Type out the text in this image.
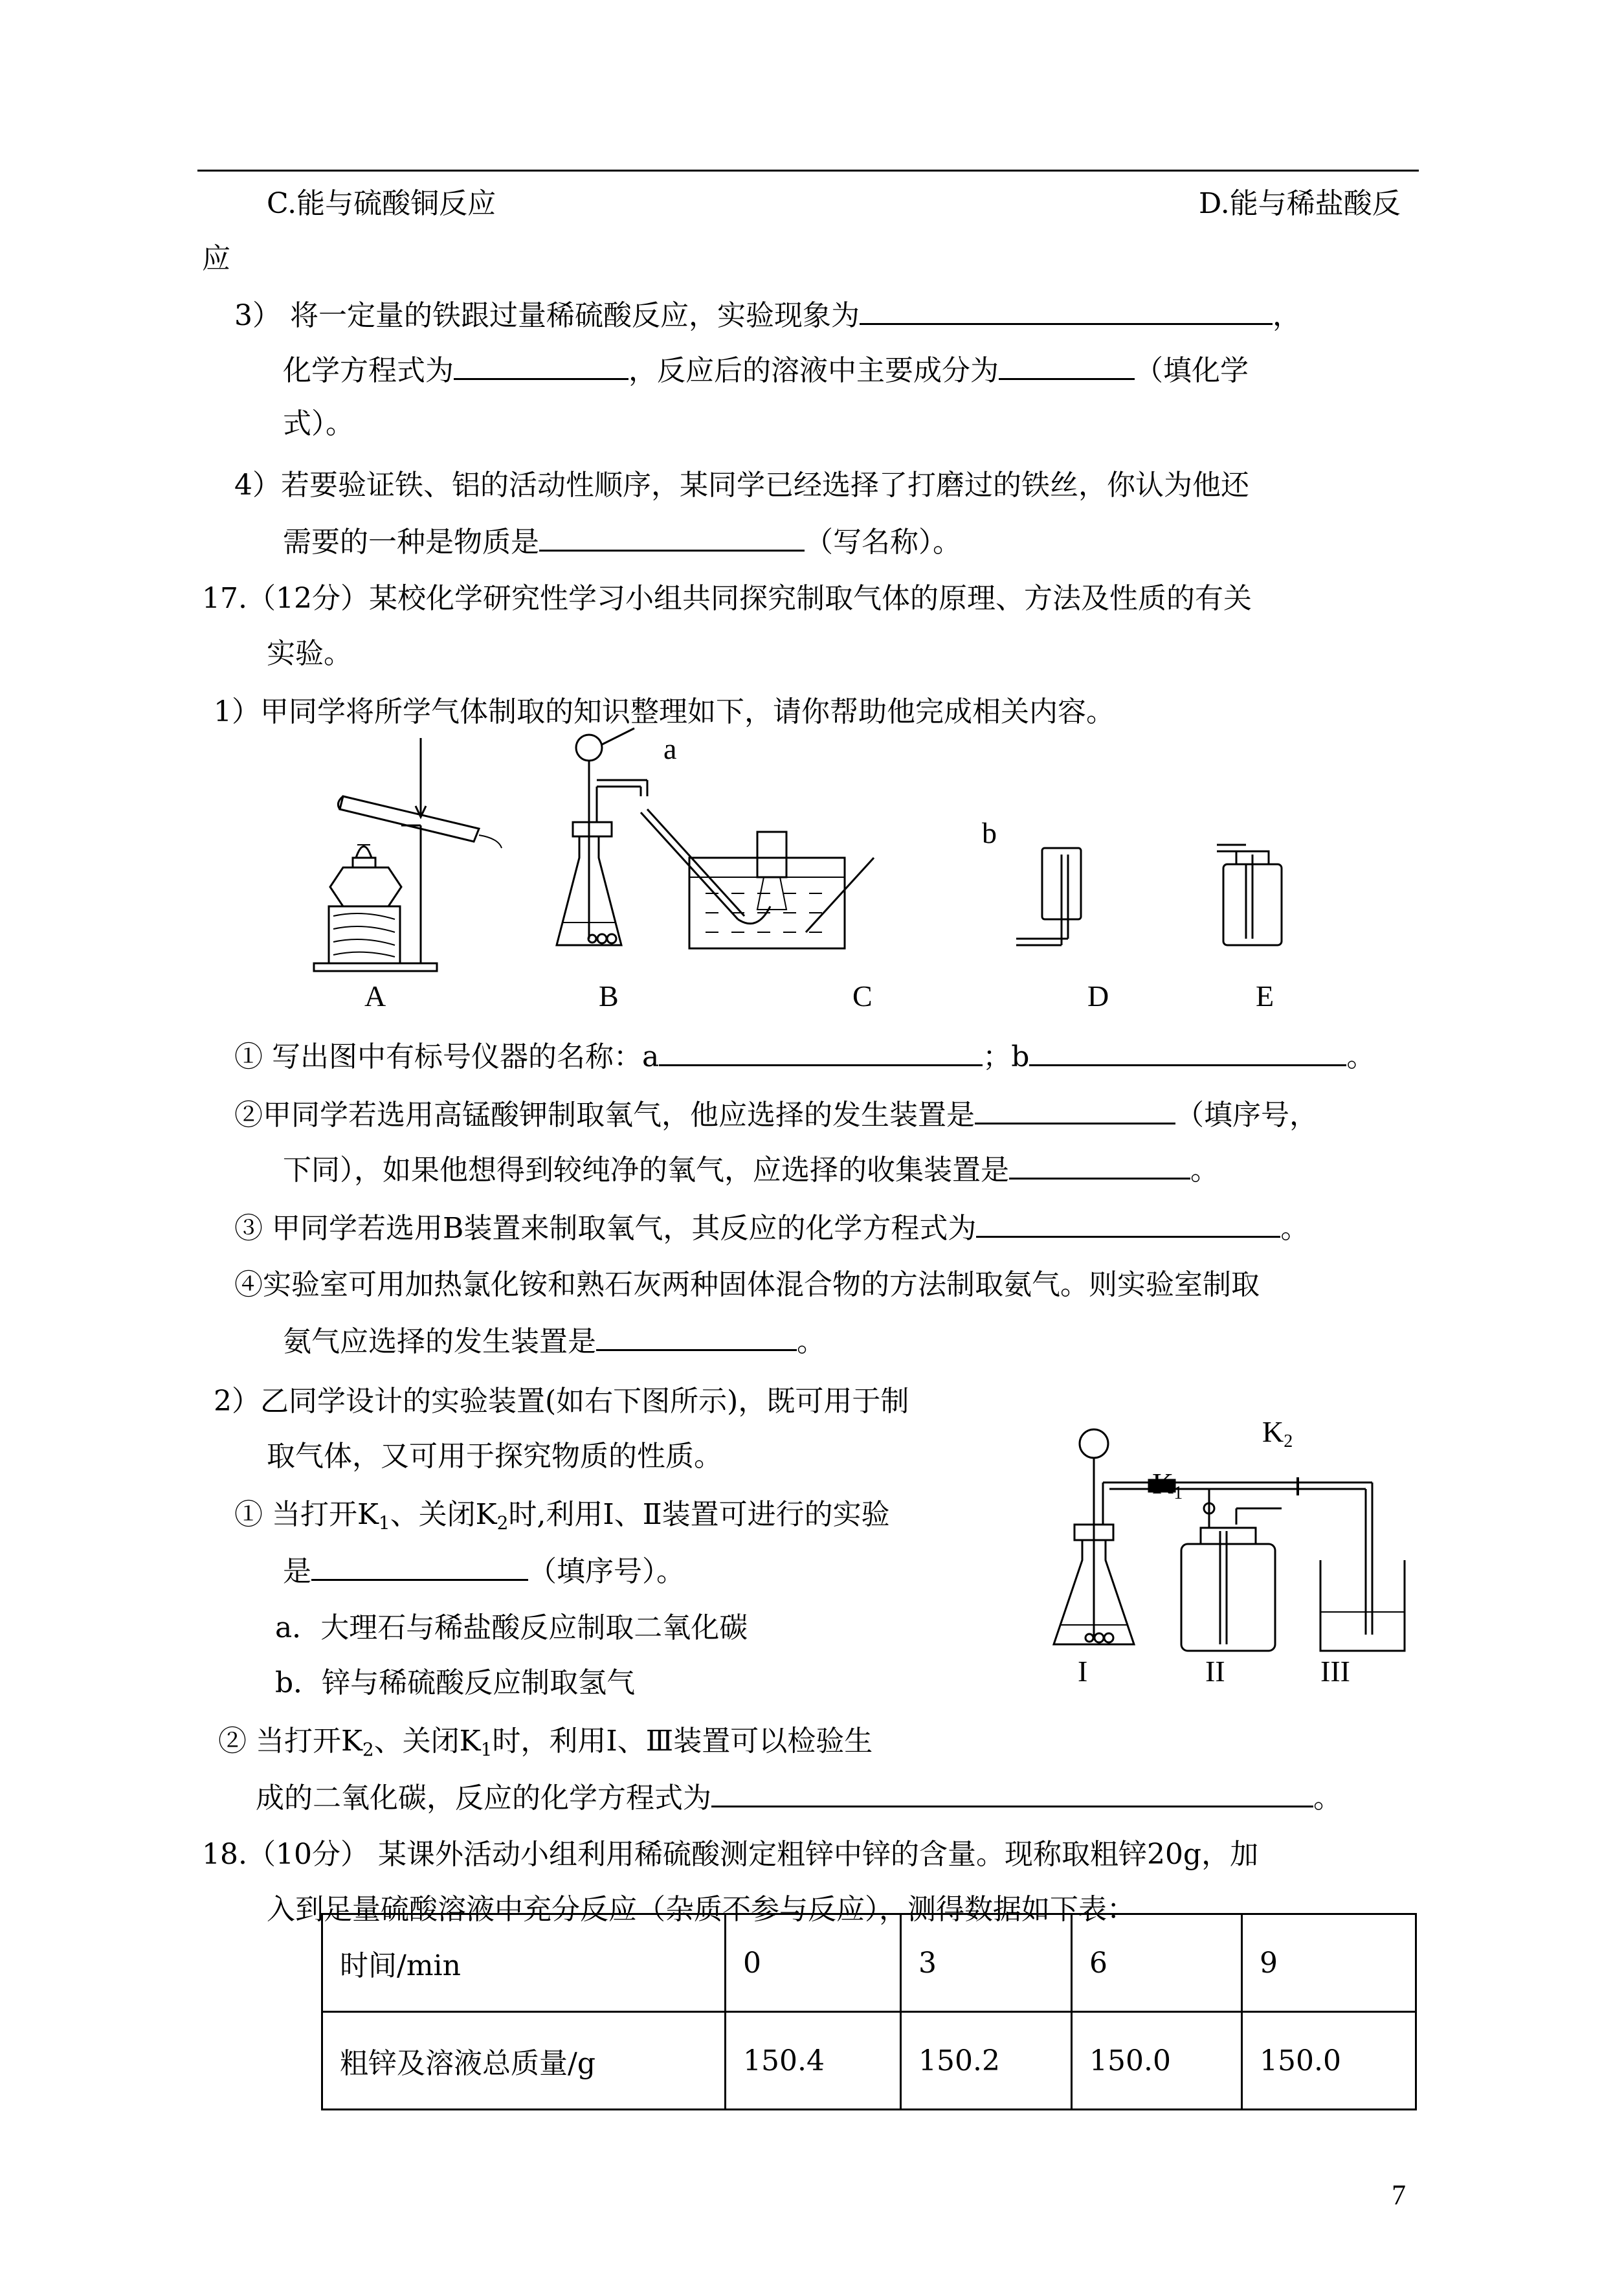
C.能与硫酸铜反应	D.能与稀盐酸反
应
3） 将一定量的铁跟过量稀硫酸反应，实验现象为	，
化学方程式为	，反应后的溶液中主要成分为	（填化学
式）。
4）若要验证铁、铝的活动性顺序，某同学已经选择了打磨过的铁丝，你认为他还
需要的一种是物质是	（写名称）。
17.（12分）某校化学研究性学习小组共同探究制取气体的原理、方法及性质的有关
实验。
1）甲同学将所学气体制取的知识整理如下，请你帮助他完成相关内容。
a
b
A	B	C	D	E
① 写出图中有标号仪器的名称：a	；b	。
②甲同学若选用高锰酸钾制取氧气，他应选择的发生装置是	（填序号，
下同），如果他想得到较纯净的氧气，应选择的收集装置是	。
③ 甲同学若选用B装置来制取氧气，其反应的化学方程式为	。
④实验室可用加热氯化铵和熟石灰两种固体混合物的方法制取氨气。则实验室制取
氨气应选择的发生装置是	。
2）乙同学设计的实验装置(如右下图所示)，既可用于制
取气体，又可用于探究物质的性质。
① 当打开$K_1$、关闭$K_2$时,利用Ⅰ、Ⅱ装置可进行的实验
是	（填序号）。
a．大理石与稀盐酸反应制取二氧化碳
b．锌与稀硫酸反应制取氢气
② 当打开$K_2$、关闭$K_1$时，利用Ⅰ、Ⅲ装置可以检验生
成的二氧化碳，反应的化学方程式为	。
$K_2$
$K_1$
I	II	III
18.（10分） 某课外活动小组利用稀硫酸测定粗锌中锌的含量。现称取粗锌20g，加
入到足量硫酸溶液中充分反应（杂质不参与反应），测得数据如下表：
时间/min	0	3	6	9
粗锌及溶液总质量/g	150.4	150.2	150.0	150.0
7
